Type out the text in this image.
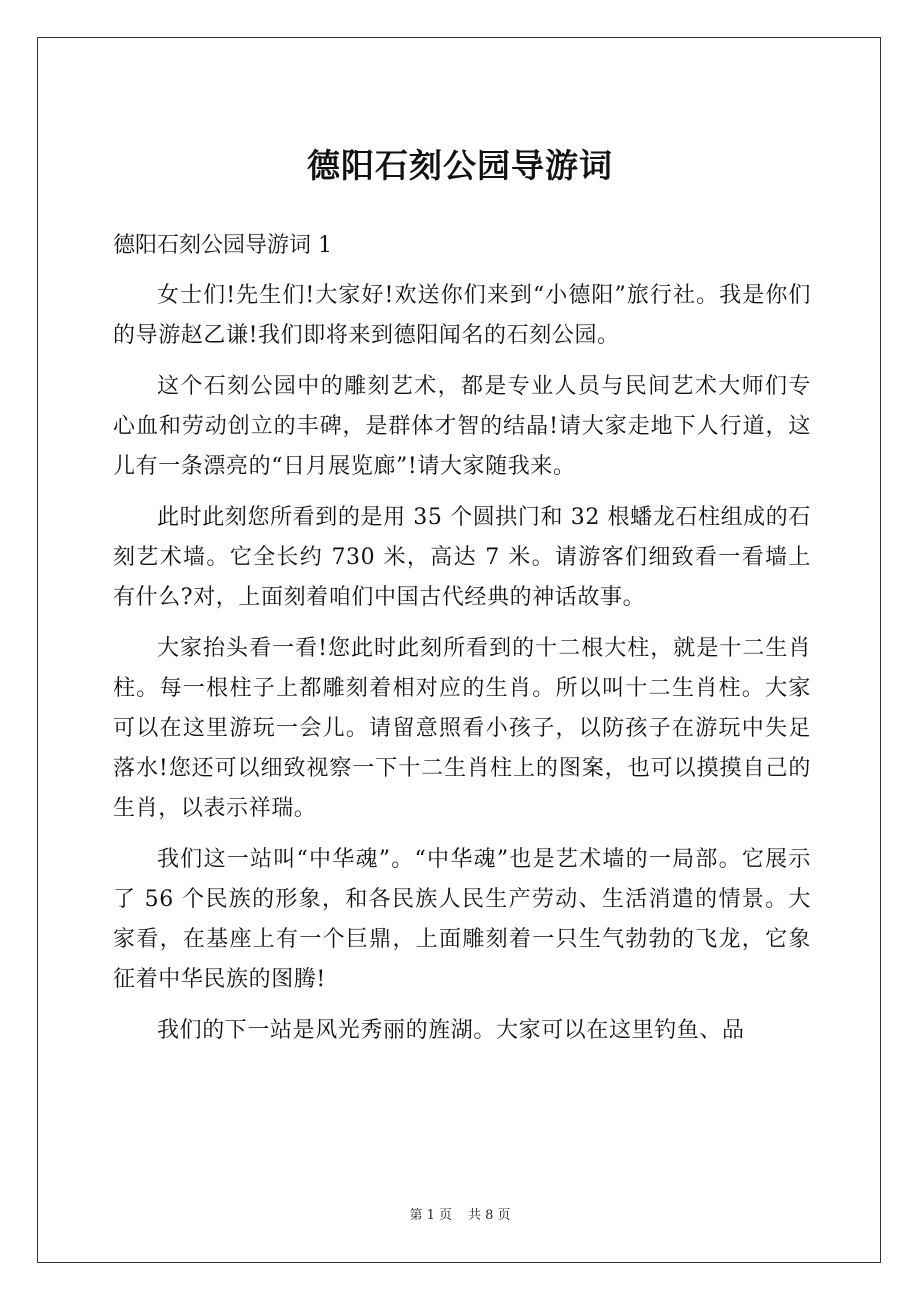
德阳石刻公园导游词
德阳石刻公园导游词 1

女士们!先生们!大家好!欢送你们来到“小德阳”旅行社。我是你们的导游赵乙谦!我们即将来到德阳闻名的石刻公园。

这个石刻公园中的雕刻艺术，都是专业人员与民间艺术大师们专心血和劳动创立的丰碑，是群体才智的结晶!请大家走地下人行道，这儿有一条漂亮的“日月展览廊”!请大家随我来。

此时此刻您所看到的是用 35 个圆拱门和 32 根蟠龙石柱组成的石刻艺术墙。它全长约 730 米，高达 7 米。请游客们细致看一看墙上有什么?对，上面刻着咱们中国古代经典的神话故事。

大家抬头看一看!您此时此刻所看到的十二根大柱，就是十二生肖柱。每一根柱子上都雕刻着相对应的生肖。所以叫十二生肖柱。大家可以在这里游玩一会儿。请留意照看小孩子，以防孩子在游玩中失足落水!您还可以细致视察一下十二生肖柱上的图案，也可以摸摸自己的生肖，以表示祥瑞。

我们这一站叫“中华魂”。“中华魂”也是艺术墙的一局部。它展示了 56 个民族的形象，和各民族人民生产劳动、生活消遣的情景。大家看，在基座上有一个巨鼎，上面雕刻着一只生气勃勃的飞龙，它象征着中华民族的图腾!

我们的下一站是风光秀丽的旌湖。大家可以在这里钓鱼、品

第 1 页 共 8 页
